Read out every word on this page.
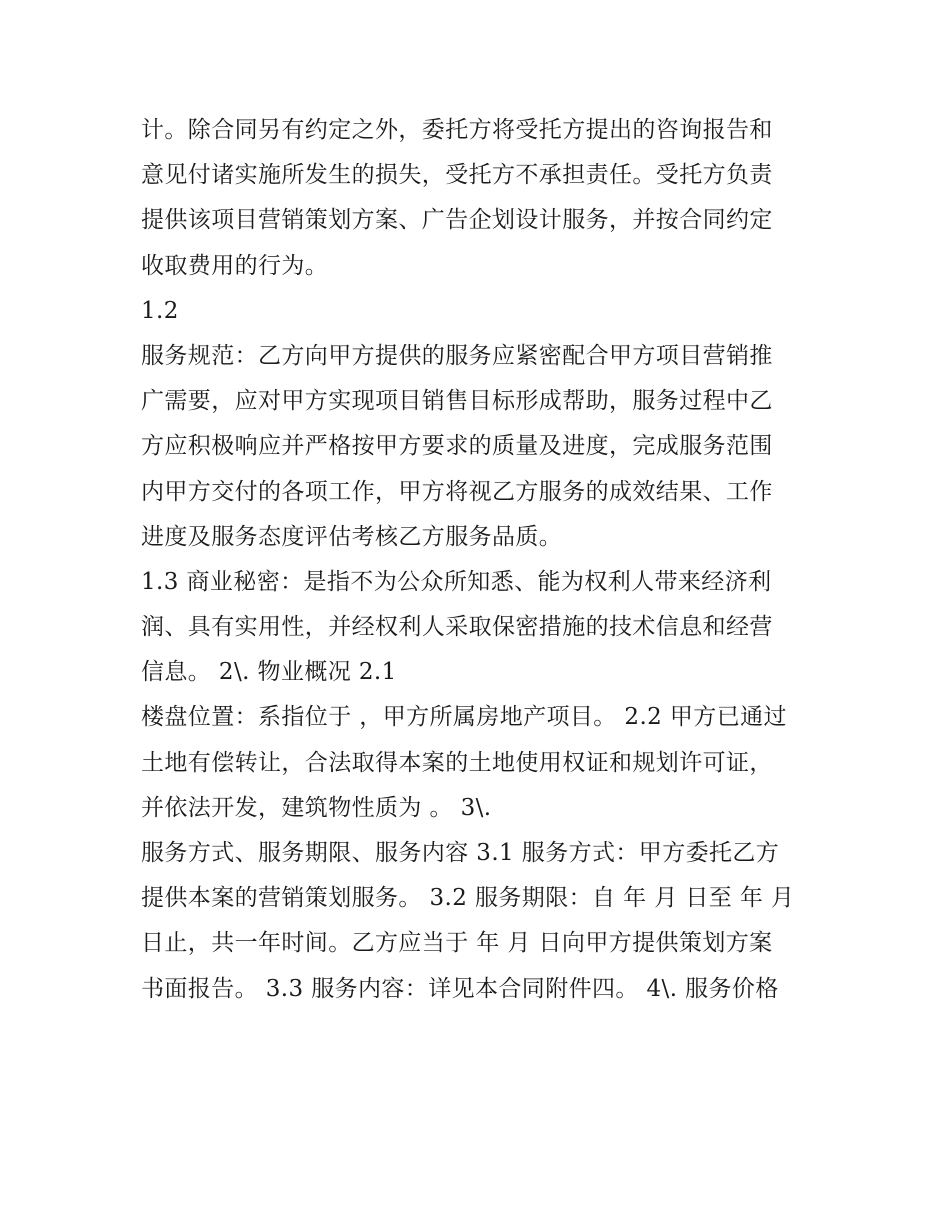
计。除合同另有约定之外，委托方将受托方提出的咨询报告和
意见付诸实施所发生的损失，受托方不承担责任。受托方负责
提供该项目营销策划方案、广告企划设计服务，并按合同约定
收取费用的行为。
1.2
服务规范：乙方向甲方提供的服务应紧密配合甲方项目营销推
广需要，应对甲方实现项目销售目标形成帮助，服务过程中乙
方应积极响应并严格按甲方要求的质量及进度，完成服务范围
内甲方交付的各项工作，甲方将视乙方服务的成效结果、工作
进度及服务态度评估考核乙方服务品质。
1.3 商业秘密：是指不为公众所知悉、能为权利人带来经济利
润、具有实用性，并经权利人采取保密措施的技术信息和经营
信息。 2\. 物业概况 2.1
楼盘位置：系指位于 ，甲方所属房地产项目。 2.2 甲方已通过
土地有偿转让，合法取得本案的土地使用权证和规划许可证，
并依法开发，建筑物性质为 。 3\.
服务方式、服务期限、服务内容 3.1 服务方式：甲方委托乙方
提供本案的营销策划服务。 3.2 服务期限：自 年 月 日至 年 月
日止，共一年时间。乙方应当于 年 月 日向甲方提供策划方案
书面报告。 3.3 服务内容：详见本合同附件四。 4\. 服务价格
